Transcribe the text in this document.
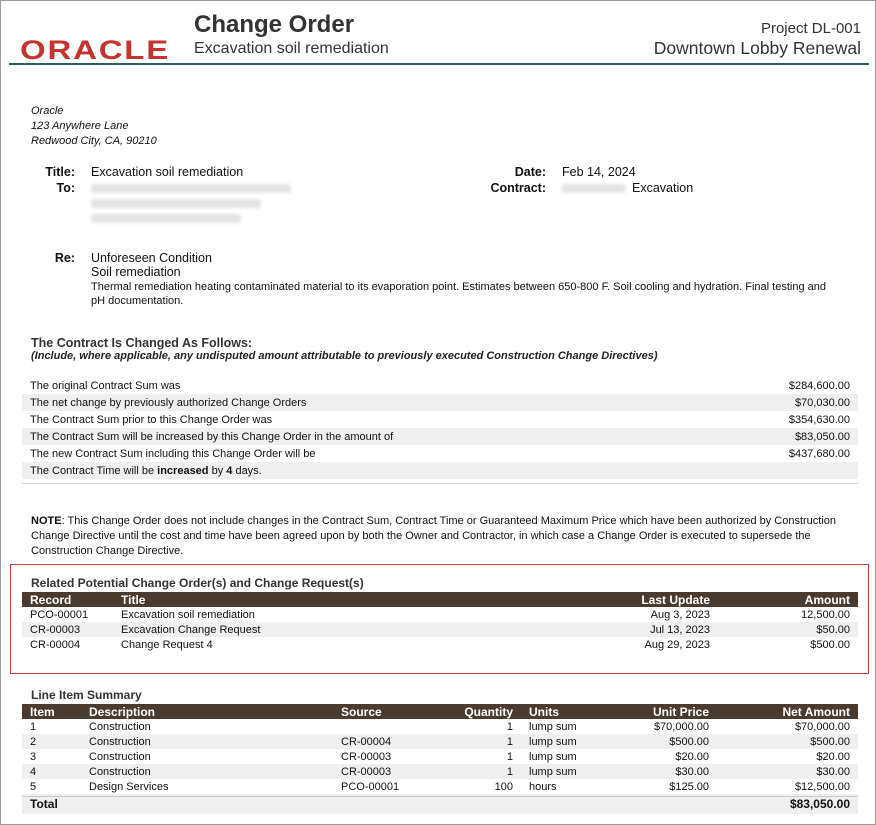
ORACLE
Change Order
Excavation soil remediation
Project DL-001
Downtown Lobby Renewal
Oracle
123 Anywhere Lane
Redwood City, CA, 90210
Title: Excavation soil remediation
To:
Date: Feb 14, 2024
Contract:	Excavation
Re: Unforeseen Condition
Soil remediation
Thermal remediation heating contaminated material to its evaporation point. Estimates between 650-800 F. Soil cooling and hydration. Final testing and pH documentation.
The Contract Is Changed As Follows:
(Include, where applicable, any undisputed amount attributable to previously executed Construction Change Directives)
The original Contract Sum was	$284,600.00
The net change by previously authorized Change Orders	$70,030.00
The Contract Sum prior to this Change Order was	$354,630.00
The Contract Sum will be increased by this Change Order in the amount of	$83,050.00
The new Contract Sum including this Change Order will be	$437,680.00
The Contract Time will be increased by 4 days.	
NOTE: This Change Order does not include changes in the Contract Sum, Contract Time or Guaranteed Maximum Price which have been authorized by Construction Change Directive until the cost and time have been agreed upon by both the Owner and Contractor, in which case a Change Order is executed to supersede the Construction Change Directive.
Related Potential Change Order(s) and Change Request(s)
Record	Title	Last Update	Amount
PCO-00001	Excavation soil remediation	Aug 3, 2023	12,500.00
CR-00003	Excavation Change Request	Jul 13, 2023	$50.00
CR-00004	Change Request 4	Aug 29, 2023	$500.00
Line Item Summary
Item	Description	Source	Quantity	Units	Unit Price	Net Amount
1	Construction		1	lump sum	$70,000.00	$70,000.00
2	Construction	CR-00004	1	lump sum	$500.00	$500.00
3	Construction	CR-00003	1	lump sum	$20.00	$20.00
4	Construction	CR-00003	1	lump sum	$30.00	$30.00
5	Design Services	PCO-00001	100	hours	$125.00	$12,500.00
Total						$83,050.00
